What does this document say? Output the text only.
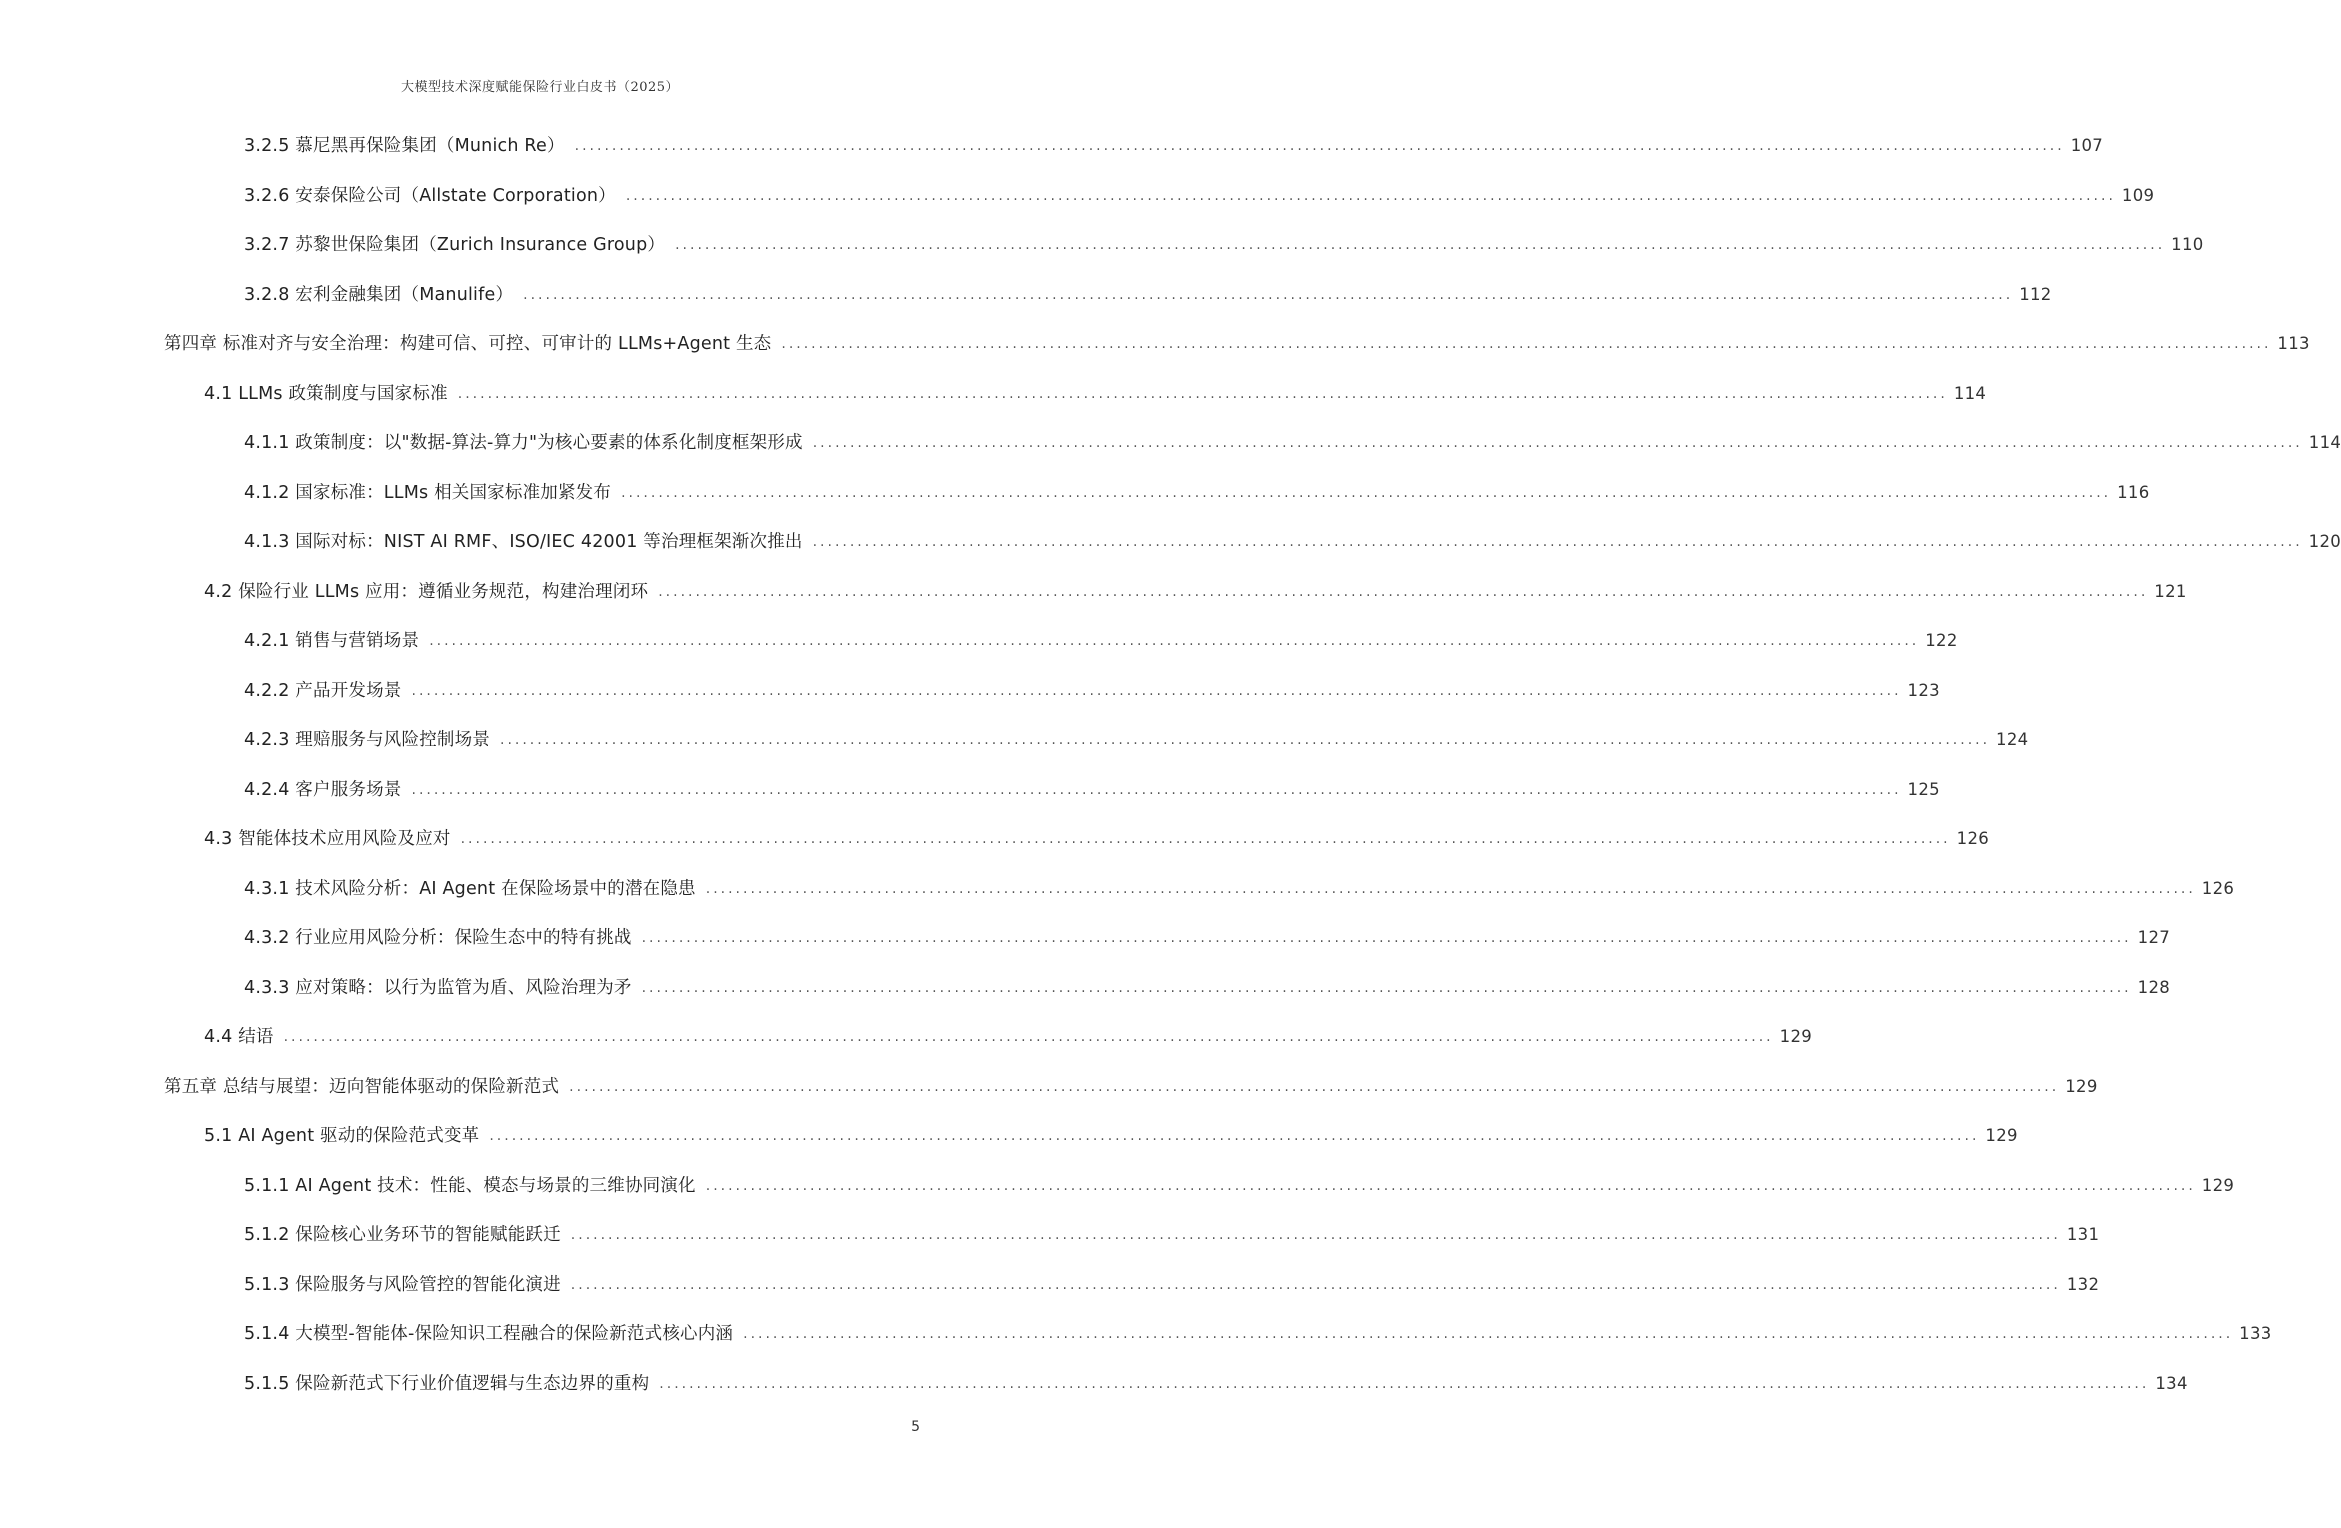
大模型技术深度赋能保险行业白皮书（2025）
3.2.5 慕尼黑再保险集团（Munich Re） ........................................................................................................................................................................................................ 107
3.2.6 安泰保险公司（Allstate Corporation） ........................................................................................................................................................................................................ 109
3.2.7 苏黎世保险集团（Zurich Insurance Group） ........................................................................................................................................................................................................ 110
3.2.8 宏利金融集团（Manulife） ........................................................................................................................................................................................................ 112
第四章 标准对齐与安全治理：构建可信、可控、可审计的 LLMs+Agent 生态 ........................................................................................................................................................................................................ 113
4.1 LLMs 政策制度与国家标准 ........................................................................................................................................................................................................ 114
4.1.1 政策制度：以"数据-算法-算力"为核心要素的体系化制度框架形成 ........................................................................................................................................................................................................ 114
4.1.2 国家标准：LLMs 相关国家标准加紧发布 ........................................................................................................................................................................................................ 116
4.1.3 国际对标：NIST AI RMF、ISO/IEC 42001 等治理框架渐次推出 ........................................................................................................................................................................................................ 120
4.2 保险行业 LLMs 应用：遵循业务规范，构建治理闭环 ........................................................................................................................................................................................................ 121
4.2.1 销售与营销场景 ........................................................................................................................................................................................................ 122
4.2.2 产品开发场景 ........................................................................................................................................................................................................ 123
4.2.3 理赔服务与风险控制场景 ........................................................................................................................................................................................................ 124
4.2.4 客户服务场景 ........................................................................................................................................................................................................ 125
4.3 智能体技术应用风险及应对 ........................................................................................................................................................................................................ 126
4.3.1 技术风险分析：AI Agent 在保险场景中的潜在隐患 ........................................................................................................................................................................................................ 126
4.3.2 行业应用风险分析：保险生态中的特有挑战 ........................................................................................................................................................................................................ 127
4.3.3 应对策略：以行为监管为盾、风险治理为矛 ........................................................................................................................................................................................................ 128
4.4 结语 ........................................................................................................................................................................................................ 129
第五章 总结与展望：迈向智能体驱动的保险新范式 ........................................................................................................................................................................................................ 129
5.1 AI Agent 驱动的保险范式变革 ........................................................................................................................................................................................................ 129
5.1.1 AI Agent 技术：性能、模态与场景的三维协同演化 ........................................................................................................................................................................................................ 129
5.1.2 保险核心业务环节的智能赋能跃迁 ........................................................................................................................................................................................................ 131
5.1.3 保险服务与风险管控的智能化演进 ........................................................................................................................................................................................................ 132
5.1.4 大模型-智能体-保险知识工程融合的保险新范式核心内涵 ........................................................................................................................................................................................................ 133
5.1.5 保险新范式下行业价值逻辑与生态边界的重构 ........................................................................................................................................................................................................ 134
5
